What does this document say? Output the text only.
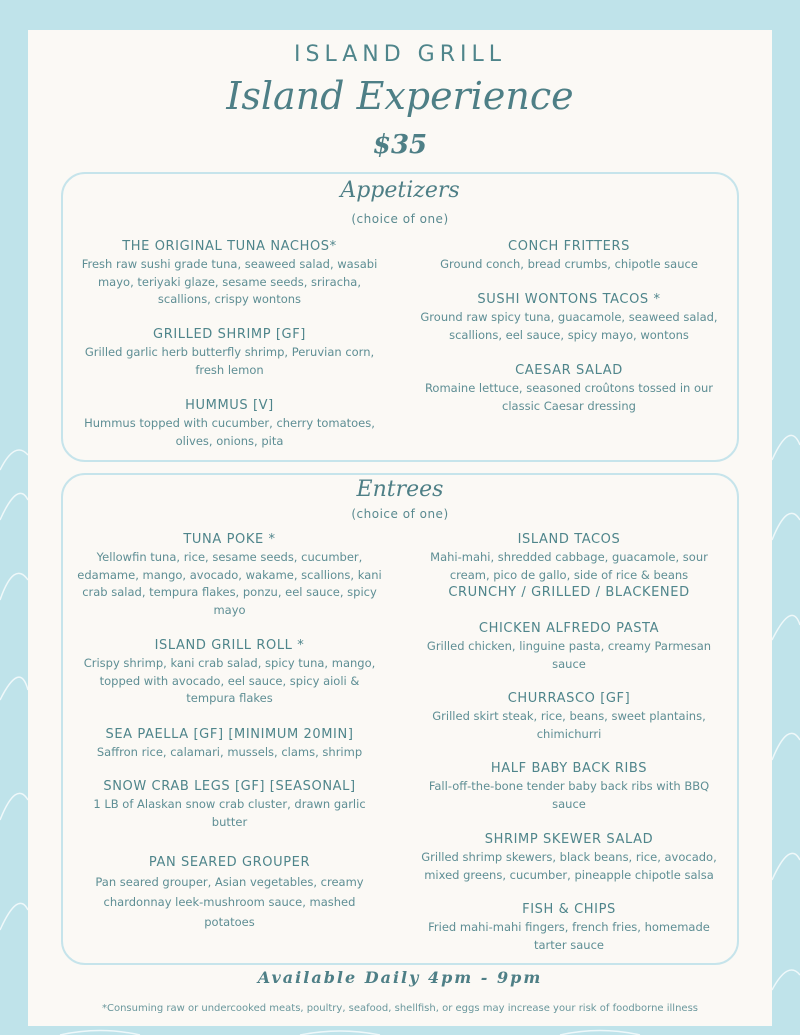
ISLAND GRILL
Island Experience
$35
Appetizers
(choice of one)
THE ORIGINAL TUNA NACHOS*
Fresh raw sushi grade tuna, seaweed salad, wasabi mayo, teriyaki glaze, sesame seeds, sriracha, scallions, crispy wontons
GRILLED SHRIMP [GF]
Grilled garlic herb butterfly shrimp, Peruvian corn, fresh lemon
HUMMUS [V]
Hummus topped with cucumber, cherry tomatoes, olives, onions, pita
CONCH FRITTERS
Ground conch, bread crumbs, chipotle sauce
SUSHI WONTONS TACOS *
Ground raw spicy tuna, guacamole, seaweed salad, scallions, eel sauce, spicy mayo, wontons
CAESAR SALAD
Romaine lettuce, seasoned croûtons tossed in our classic Caesar dressing
Entrees
(choice of one)
TUNA POKE *
Yellowfin tuna, rice, sesame seeds, cucumber, edamame, mango, avocado, wakame, scallions, kani crab salad, tempura flakes, ponzu, eel sauce, spicy mayo
ISLAND GRILL ROLL *
Crispy shrimp, kani crab salad, spicy tuna, mango, topped with avocado, eel sauce, spicy aioli & tempura flakes
SEA PAELLA [GF] [MINIMUM 20MIN]
Saffron rice, calamari, mussels, clams, shrimp
SNOW CRAB LEGS [GF] [SEASONAL]
1 LB of Alaskan snow crab cluster, drawn garlic butter
PAN SEARED GROUPER
Pan seared grouper, Asian vegetables, creamy chardonnay leek-mushroom sauce, mashed potatoes
ISLAND TACOS
Mahi-mahi, shredded cabbage, guacamole, sour cream, pico de gallo, side of rice & beans
CRUNCHY / GRILLED / BLACKENED
CHICKEN ALFREDO PASTA
Grilled chicken, linguine pasta, creamy Parmesan sauce
CHURRASCO [GF]
Grilled skirt steak, rice, beans, sweet plantains, chimichurri
HALF BABY BACK RIBS
Fall-off-the-bone tender baby back ribs with BBQ sauce
SHRIMP SKEWER SALAD
Grilled shrimp skewers, black beans, rice, avocado, mixed greens, cucumber, pineapple chipotle salsa
FISH & CHIPS
Fried mahi-mahi fingers, french fries, homemade tarter sauce
Available Daily 4pm - 9pm
*Consuming raw or undercooked meats, poultry, seafood, shellfish, or eggs may increase your risk of foodborne illness
